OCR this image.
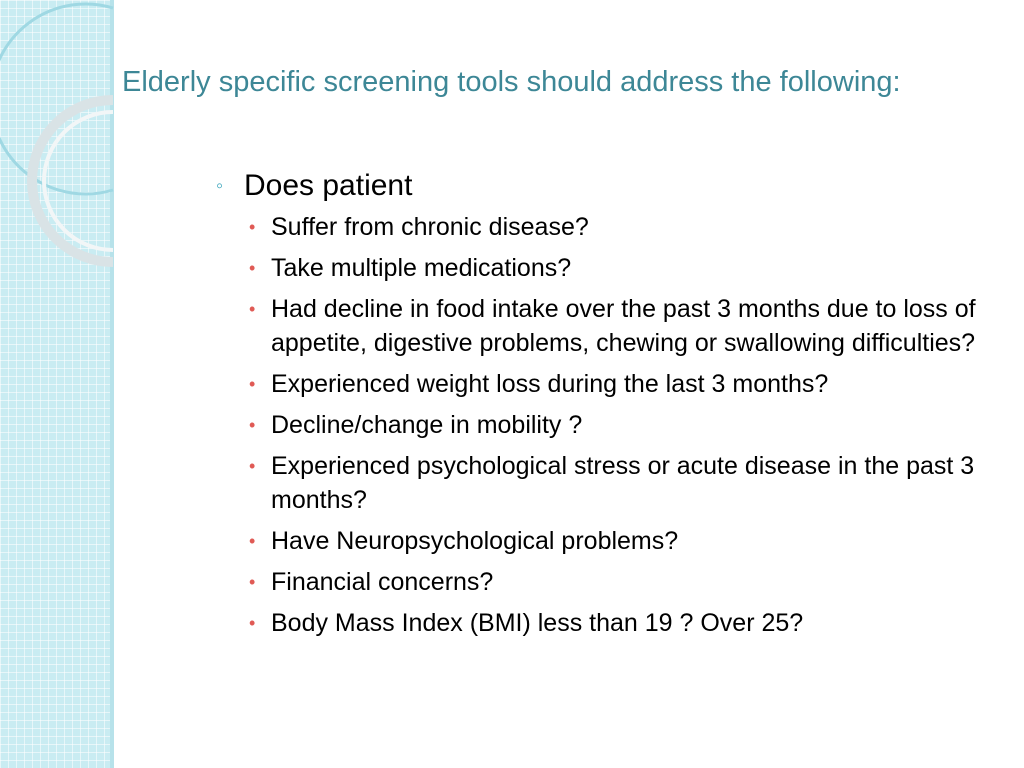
Elderly specific screening tools should address the following:
◦ Does patient
• Suffer from chronic disease?
• Take multiple medications?
• Had decline in food intake over the past 3 months due to loss of appetite, digestive problems, chewing or swallowing difficulties?
• Experienced weight loss during the last 3 months?
• Decline/change in mobility ?
• Experienced psychological stress or acute disease in the past 3 months?
• Have Neuropsychological problems?
• Financial concerns?
• Body Mass Index (BMI) less than 19 ? Over 25?
